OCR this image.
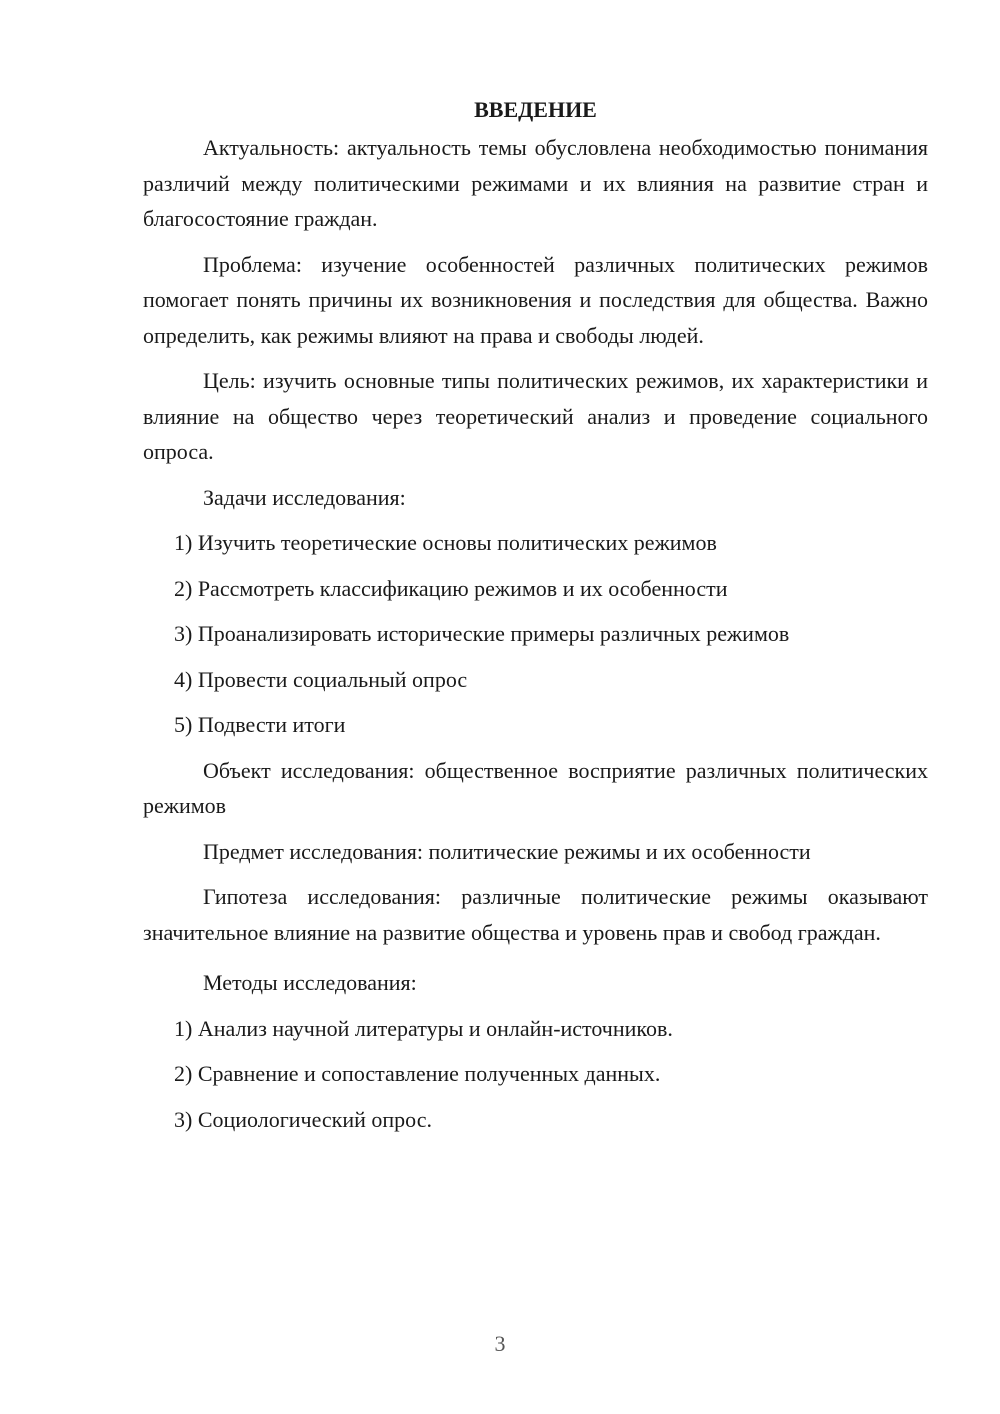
ВВЕДЕНИЕ

Актуальность: актуальность темы обусловлена необходимостью понимания различий между политическими режимами и их влияния на развитие стран и благосостояние граждан.

Проблема: изучение особенностей различных политических режимов помогает понять причины их возникновения и последствия для общества. Важно определить, как режимы влияют на права и свободы людей.

Цель: изучить основные типы политических режимов, их характеристики и влияние на общество через теоретический анализ и проведение социального опроса.

Задачи исследования:

1) Изучить теоретические основы политических режимов
2) Рассмотреть классификацию режимов и их особенности
3) Проанализировать исторические примеры различных режимов
4) Провести социальный опрос
5) Подвести итоги

Объект исследования: общественное восприятие различных политических режимов

Предмет исследования: политические режимы и их особенности

Гипотеза исследования: различные политические режимы оказывают значительное влияние на развитие общества и уровень прав и свобод граждан.

Методы исследования:

1) Анализ научной литературы и онлайн-источников.
2) Сравнение и сопоставление полученных данных.
3) Социологический опрос.
3
